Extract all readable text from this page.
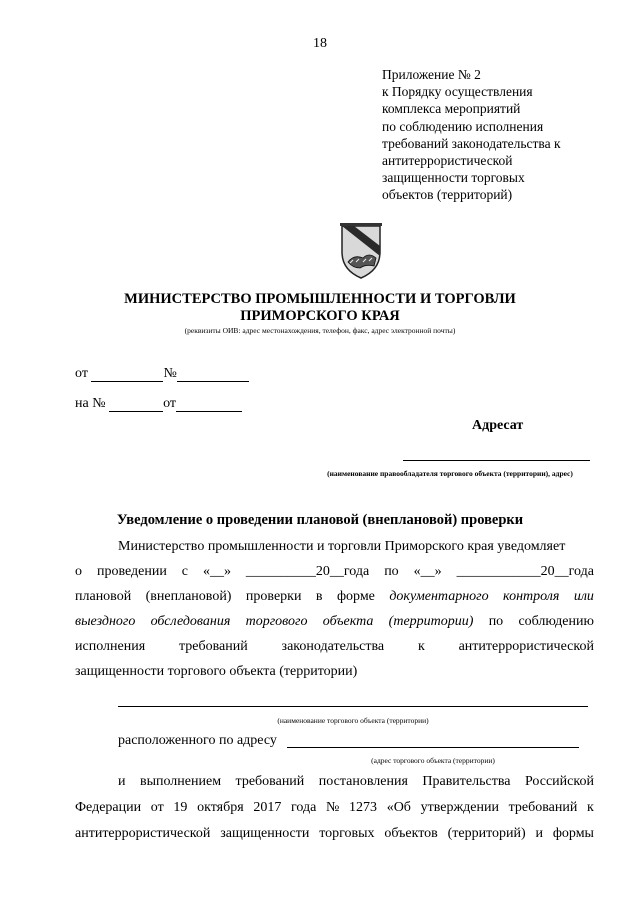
18
Приложение № 2
к Порядку осуществления
комплекса мероприятий
по соблюдению исполнения
требований законодательства к
антитеррористической
защищенности торговых
объектов (территорий)
МИНИСТЕРСТВО ПРОМЫШЛЕННОСТИ И ТОРГОВЛИ
ПРИМОРСКОГО КРАЯ
(реквизиты ОИВ: адрес местонахождения, телефон, факс, адрес электронной почты)
от	№
на №	от
Адресат
(наименование правообладателя торгового объекта (территории), адрес)
Уведомление о проведении плановой (внеплановой) проверки
Министерство промышленности и торговли Приморского края уведомляет
о проведении с «__» __________20__года по «__» ____________20__года
плановой (внеплановой) проверки в форме документарного контроля или
выездного обследования торгового объекта (территории) по соблюдению
исполнения требований законодательства к антитеррористической
защищенности торгового объекта (территории)
(наименование торгового объекта (территории)
расположенного по адресу
(адрес торгового объекта (территории)
и выполнением требований постановления Правительства Российской
Федерации от 19 октября 2017 года № 1273 «Об утверждении требований к
антитеррористической защищенности торговых объектов (территорий) и формы
